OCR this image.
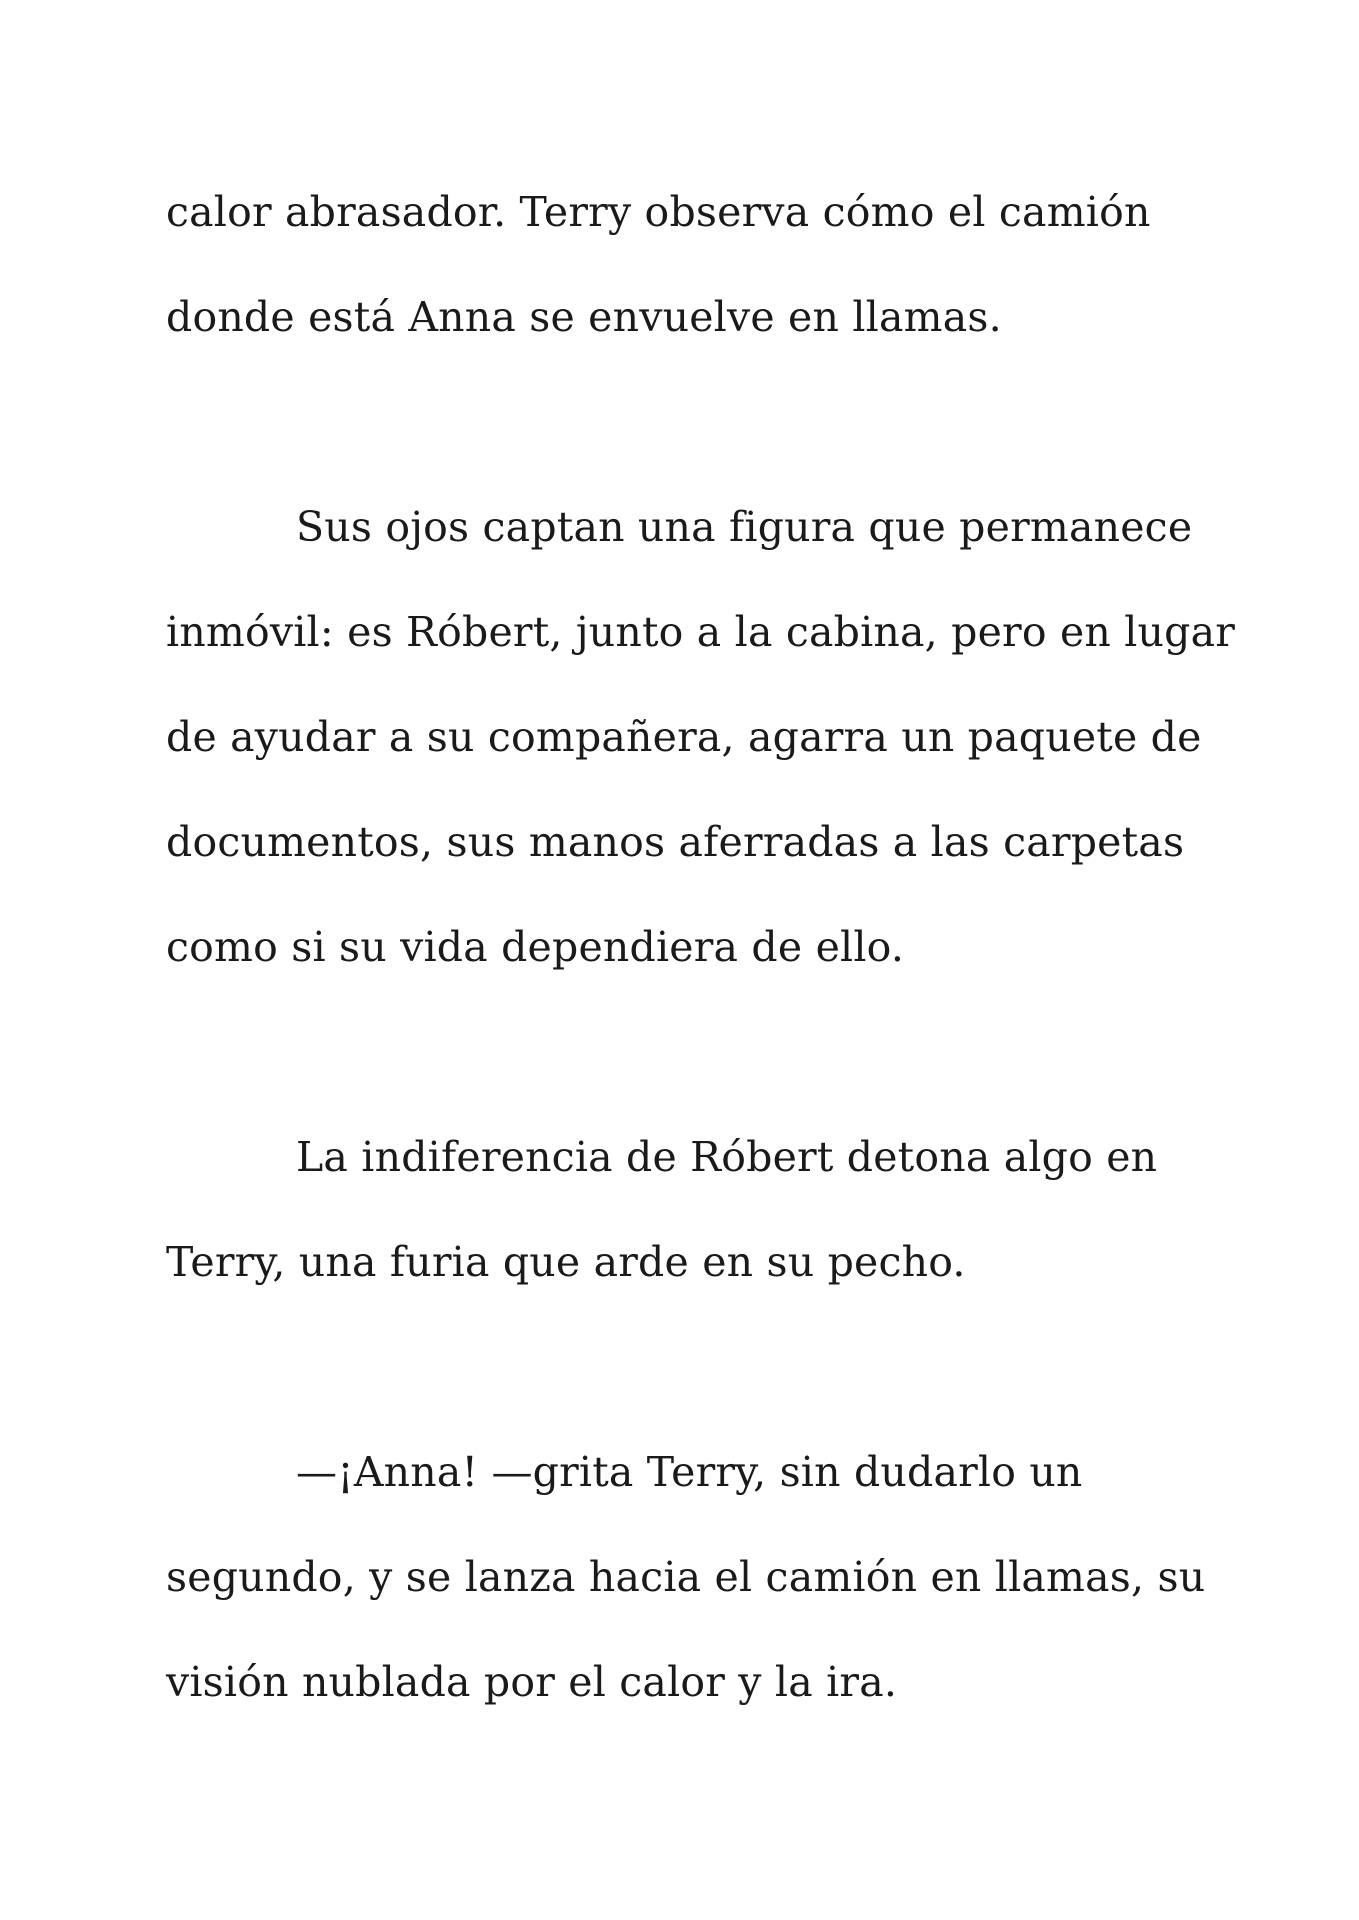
calor abrasador. Terry observa cómo el camión

donde está Anna se envuelve en llamas.

Sus ojos captan una figura que permanece

inmóvil: es Róbert, junto a la cabina, pero en lugar

de ayudar a su compañera, agarra un paquete de

documentos, sus manos aferradas a las carpetas

como si su vida dependiera de ello.

La indiferencia de Róbert detona algo en

Terry, una furia que arde en su pecho.

—¡Anna! —grita Terry, sin dudarlo un

segundo, y se lanza hacia el camión en llamas, su

visión nublada por el calor y la ira.
